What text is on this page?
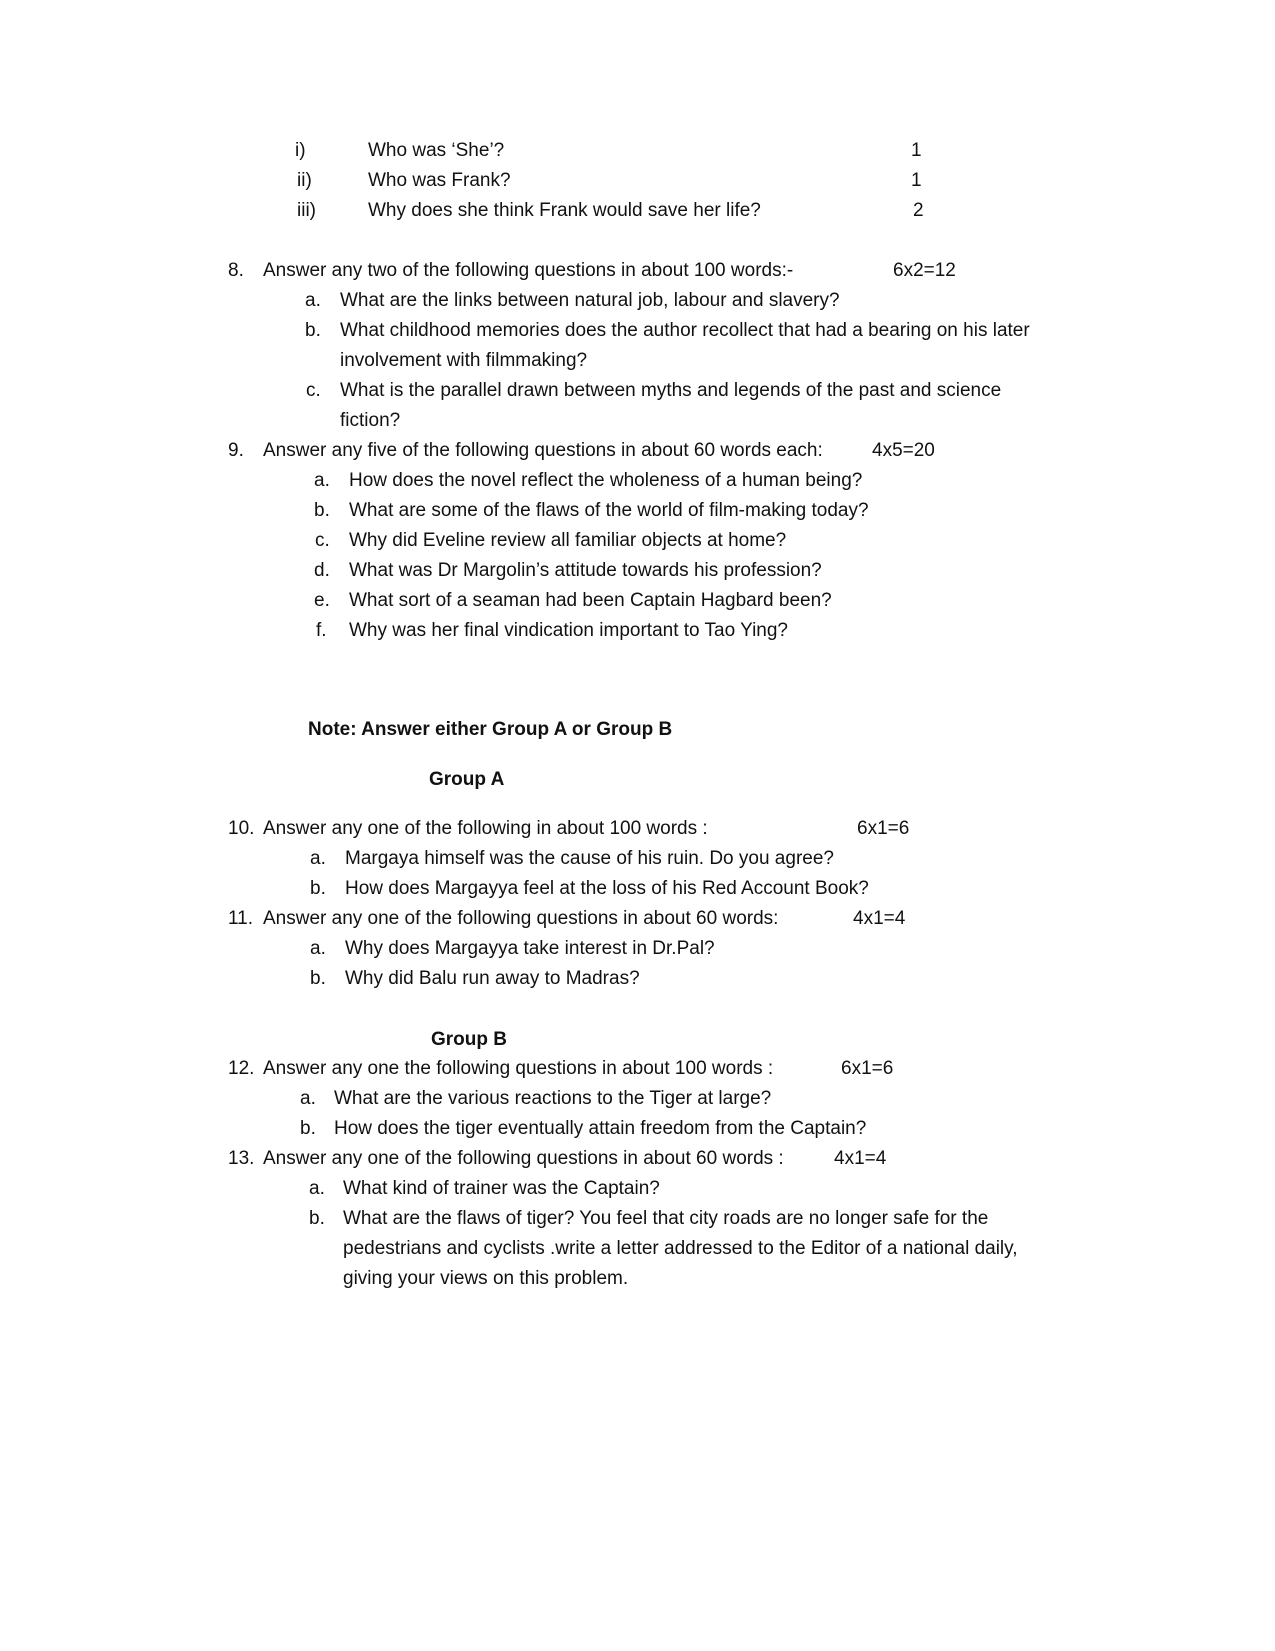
i)	Who was ‘She’?	1
ii)	Who was Frank?	1
iii)	Why does she think Frank would save her life?	2
8. Answer any two of the following questions in about 100 words:-	6x2=12
a. What are the links between natural job, labour and slavery?
b. What childhood memories does the author recollect that had a bearing on his later
involvement with filmmaking?
c. What is the parallel drawn between myths and legends of the past and science
fiction?
9. Answer any five of the following questions in about 60 words each:	4x5=20
a. How does the novel reflect the wholeness of a human being?
b. What are some of the flaws of the world of film-making today?
c. Why did Eveline review all familiar objects at home?
d. What was Dr Margolin’s attitude towards his profession?
e. What sort of a seaman had been Captain Hagbard been?
f. Why was her final vindication important to Tao Ying?
Note: Answer either Group A or Group B
Group A
10. Answer any one of the following in about 100 words :	6x1=6
a. Margaya himself was the cause of his ruin. Do you agree?
b. How does Margayya feel at the loss of his Red Account Book?
11. Answer any one of the following questions in about 60 words:	4x1=4
a. Why does Margayya take interest in Dr.Pal?
b. Why did Balu run away to Madras?
Group B
12. Answer any one the following questions in about 100 words :	6x1=6
a. What are the various reactions to the Tiger at large?
b. How does the tiger eventually attain freedom from the Captain?
13. Answer any one of the following questions in about 60 words :	4x1=4
a. What kind of trainer was the Captain?
b. What are the flaws of tiger? You feel that city roads are no longer safe for the
pedestrians and cyclists .write a letter addressed to the Editor of a national daily,
giving your views on this problem.
